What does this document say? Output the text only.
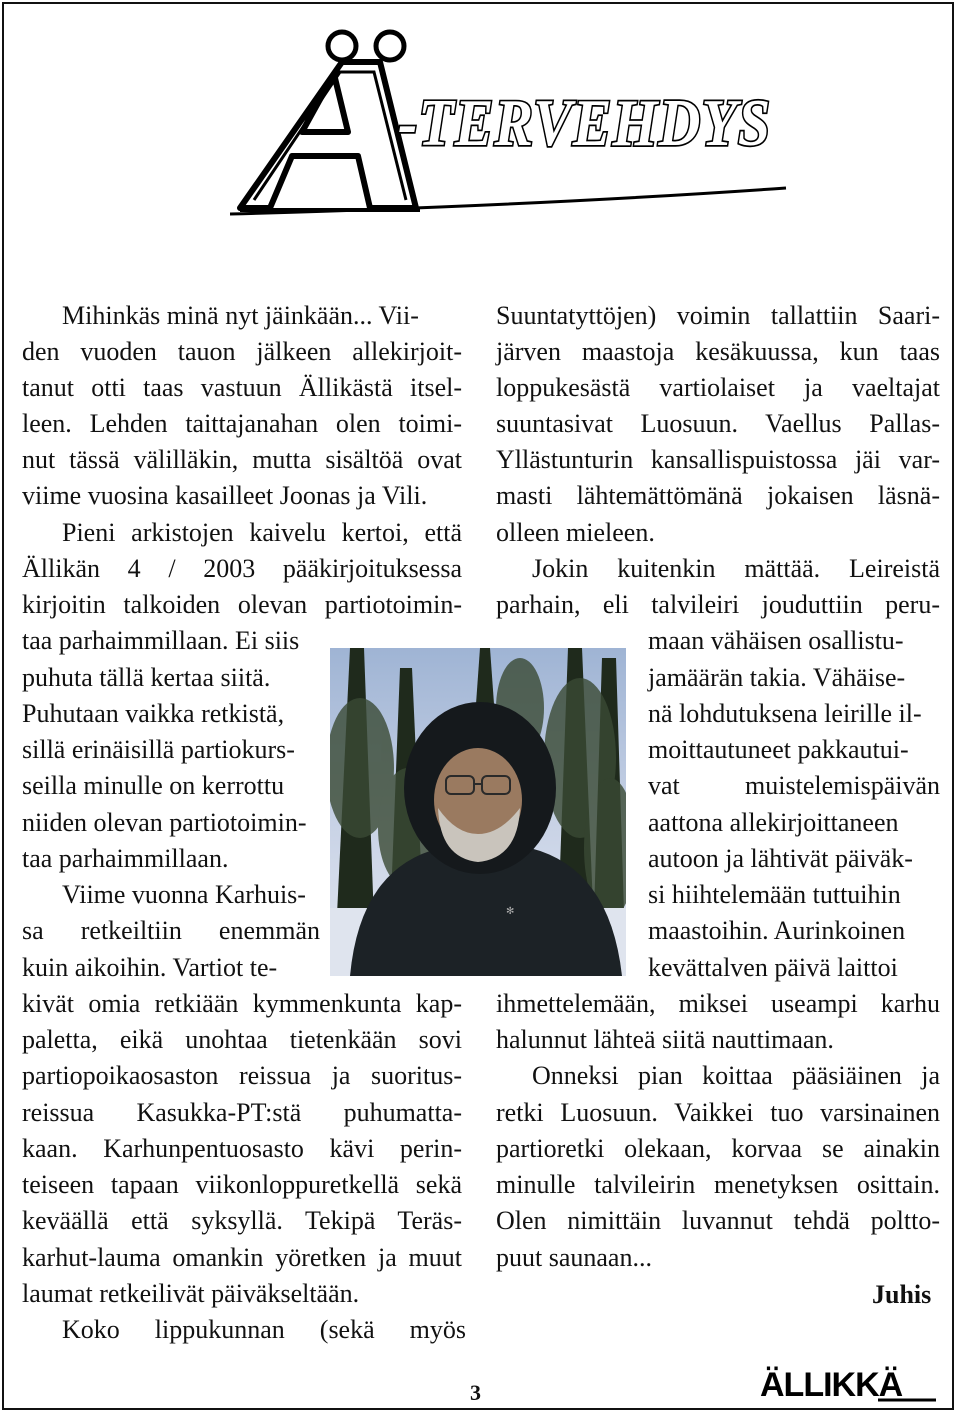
-TERVEHDYS
Mihinkäs minä nyt jäinkään... Vii-
den vuoden tauon jälkeen allekirjoit-
tanut otti taas vastuun Ällikästä itsel-
leen. Lehden taittajanahan olen toimi-
nut tässä välilläkin, mutta sisältöä ovat
viime vuosina kasailleet Joonas ja Vili.
Pieni arkistojen kaivelu kertoi, että
Ällikän 4 / 2003 pääkirjoituksessa
kirjoitin talkoiden olevan partiotoimin-
taa parhaimmillaan. Ei siis
puhuta tällä kertaa siitä.
Puhutaan vaikka retkistä,
sillä erinäisillä partiokurs-
seilla minulle on kerrottu
niiden olevan partiotoimin-
taa parhaimmillaan.
Viime vuonna Karhuis-
sa retkeiltiin enemmän
kuin aikoihin. Vartiot te-
kivät omia retkiään kymmenkunta kap-
paletta, eikä unohtaa tietenkään sovi
partiopoikaosaston reissua ja suoritus-
reissua Kasukka-PT:stä puhumatta-
kaan. Karhunpentuosasto kävi perin-
teiseen tapaan viikonloppuretkellä sekä
keväällä että syksyllä. Tekipä Teräs-
karhut-lauma omankin yöretken ja muut
laumat retkeilivät päiväkseltään.
Koko lippukunnan (sekä myös
Suuntatyttöjen) voimin tallattiin Saari-
järven maastoja kesäkuussa, kun taas
loppukesästä vartiolaiset ja vaeltajat
suuntasivat Luosuun. Vaellus Pallas-
Yllästunturin kansallispuistossa jäi var-
masti lähtemättömänä jokaisen läsnä-
olleen mieleen.
Jokin kuitenkin mättää. Leireistä
parhain, eli talvileiri jouduttiin peru-
maan vähäisen osallistu-
jamäärän takia. Vähäise-
nä lohdutuksena leirille il-
moittautuneet pakkautui-
vat muistelemispäivän
aattona allekirjoittaneen
autoon ja lähtivät päiväk-
si hiihtelemään tuttuihin
maastoihin. Aurinkoinen
kevättalven päivä laittoi
ihmettelemään, miksei useampi karhu
halunnut lähteä siitä nauttimaan.
Onneksi pian koittaa pääsiäinen ja
retki Luosuun. Vaikkei tuo varsinainen
partioretki olekaan, korvaa se ainakin
minulle talvileirin menetyksen osittain.
Olen nimittäin luvannut tehdä poltto-
puut saunaan...
Juhis
✻
3	ÄLLIKKÄ
